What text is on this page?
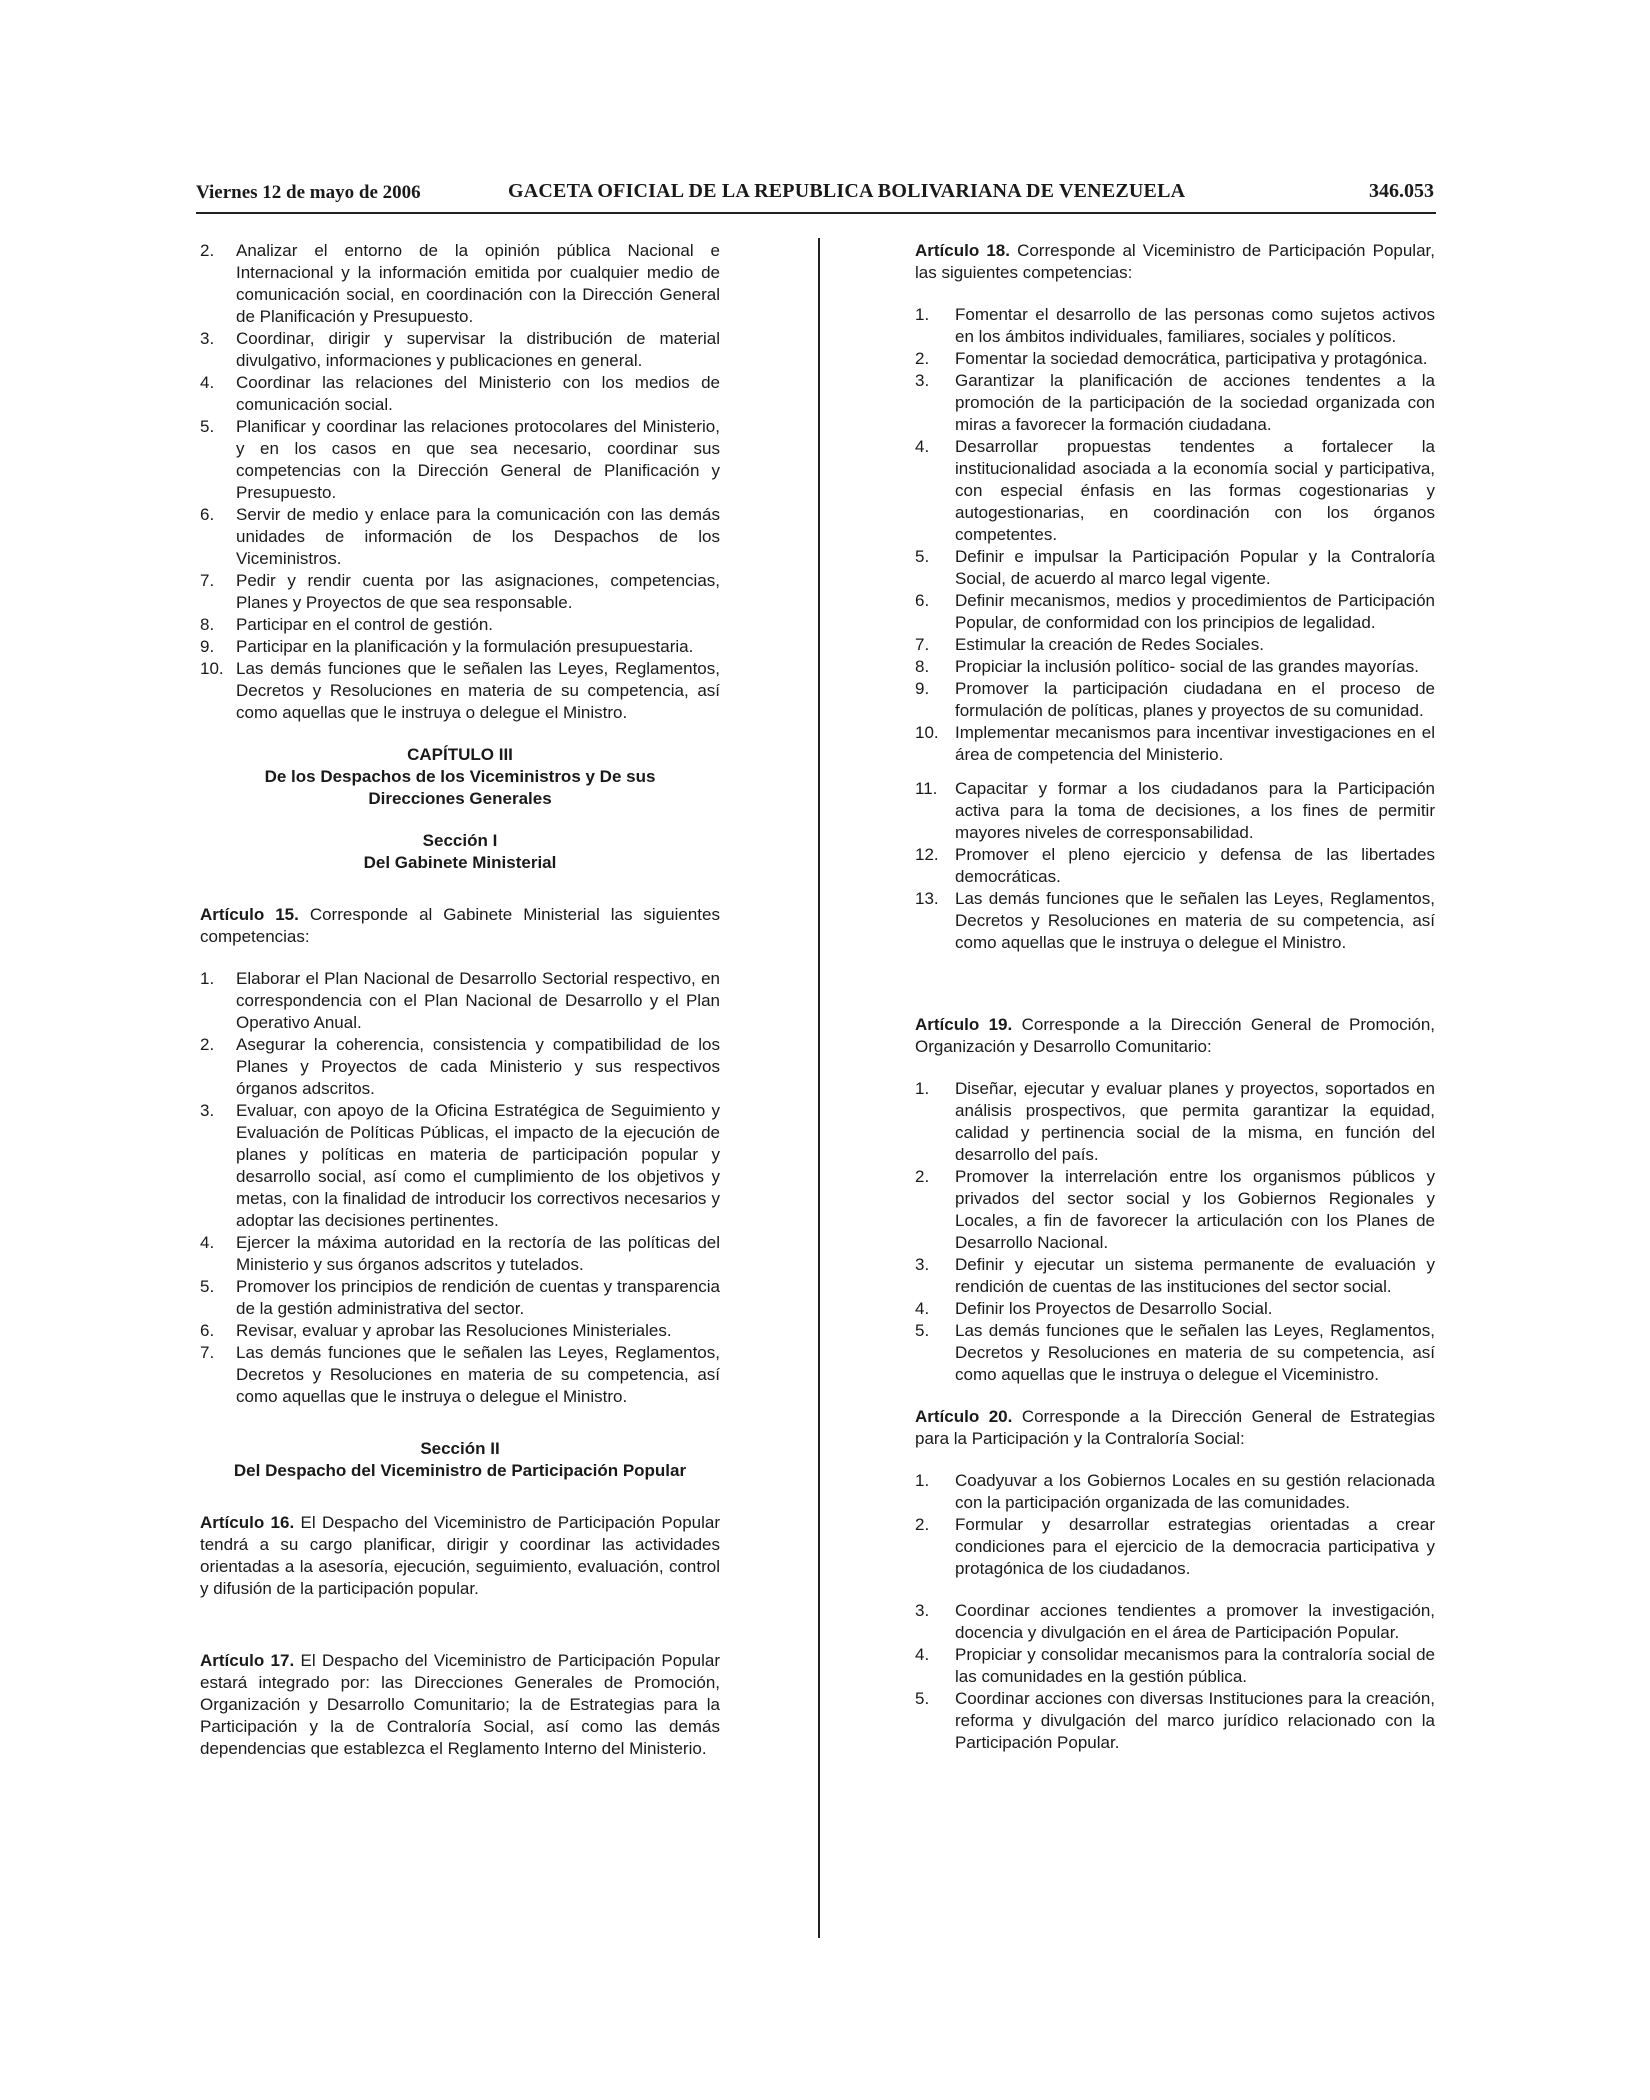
Viernes 12 de mayo de 2006	GACETA OFICIAL DE LA REPUBLICA BOLIVARIANA DE VENEZUELA	346.053
2. Analizar el entorno de la opinión pública Nacional e Internacional y la información emitida por cualquier medio de comunicación social, en coordinación con la Dirección General de Planificación y Presupuesto.
3. Coordinar, dirigir y supervisar la distribución de material divulgativo, informaciones y publicaciones en general.
4. Coordinar las relaciones del Ministerio con los medios de comunicación social.
5. Planificar y coordinar las relaciones protocolares del Ministerio, y en los casos en que sea necesario, coordinar sus competencias con la Dirección General de Planificación y Presupuesto.
6. Servir de medio y enlace para la comunicación con las demás unidades de información de los Despachos de los Viceministros.
7. Pedir y rendir cuenta por las asignaciones, competencias, Planes y Proyectos de que sea responsable.
8. Participar en el control de gestión.
9. Participar en la planificación y la formulación presupuestaria.
10. Las demás funciones que le señalen las Leyes, Reglamentos, Decretos y Resoluciones en materia de su competencia, así como aquellas que le instruya o delegue el Ministro.
CAPÍTULO III
De los Despachos de los Viceministros y De sus
Direcciones Generales
Sección I
Del Gabinete Ministerial
Artículo 15. Corresponde al Gabinete Ministerial las siguientes competencias:
1. Elaborar el Plan Nacional de Desarrollo Sectorial respectivo, en correspondencia con el Plan Nacional de Desarrollo y el Plan Operativo Anual.
2. Asegurar la coherencia, consistencia y compatibilidad de los Planes y Proyectos de cada Ministerio y sus respectivos órganos adscritos.
3. Evaluar, con apoyo de la Oficina Estratégica de Seguimiento y Evaluación de Políticas Públicas, el impacto de la ejecución de planes y políticas en materia de participación popular y desarrollo social, así como el cumplimiento de los objetivos y metas, con la finalidad de introducir los correctivos necesarios y adoptar las decisiones pertinentes.
4. Ejercer la máxima autoridad en la rectoría de las políticas del Ministerio y sus órganos adscritos y tutelados.
5. Promover los principios de rendición de cuentas y transparencia de la gestión administrativa del sector.
6. Revisar, evaluar y aprobar las Resoluciones Ministeriales.
7. Las demás funciones que le señalen las Leyes, Reglamentos, Decretos y Resoluciones en materia de su competencia, así como aquellas que le instruya o delegue el Ministro.
Sección II
Del Despacho del Viceministro de Participación Popular
Artículo 16. El Despacho del Viceministro de Participación Popular tendrá a su cargo planificar, dirigir y coordinar las actividades orientadas a la asesoría, ejecución, seguimiento, evaluación, control y difusión de la participación popular.
Artículo 17. El Despacho del Viceministro de Participación Popular estará integrado por: las Direcciones Generales de Promoción, Organización y Desarrollo Comunitario; la de Estrategias para la Participación y la de Contraloría Social, así como las demás dependencias que establezca el Reglamento Interno del Ministerio.
Artículo 18. Corresponde al Viceministro de Participación Popular, las siguientes competencias:
1. Fomentar el desarrollo de las personas como sujetos activos en los ámbitos individuales, familiares, sociales y políticos.
2. Fomentar la sociedad democrática, participativa y protagónica.
3. Garantizar la planificación de acciones tendentes a la promoción de la participación de la sociedad organizada con miras a favorecer la formación ciudadana.
4. Desarrollar propuestas tendentes a fortalecer la institucionalidad asociada a la economía social y participativa, con especial énfasis en las formas cogestionarias y autogestionarias, en coordinación con los órganos competentes.
5. Definir e impulsar la Participación Popular y la Contraloría Social, de acuerdo al marco legal vigente.
6. Definir mecanismos, medios y procedimientos de Participación Popular, de conformidad con los principios de legalidad.
7. Estimular la creación de Redes Sociales.
8. Propiciar la inclusión político- social de las grandes mayorías.
9. Promover la participación ciudadana en el proceso de formulación de políticas, planes y proyectos de su comunidad.
10. Implementar mecanismos para incentivar investigaciones en el área de competencia del Ministerio.
11. Capacitar y formar a los ciudadanos para la Participación activa para la toma de decisiones, a los fines de permitir mayores niveles de corresponsabilidad.
12. Promover el pleno ejercicio y defensa de las libertades democráticas.
13. Las demás funciones que le señalen las Leyes, Reglamentos, Decretos y Resoluciones en materia de su competencia, así como aquellas que le instruya o delegue el Ministro.
Artículo 19. Corresponde a la Dirección General de Promoción, Organización y Desarrollo Comunitario:
1. Diseñar, ejecutar y evaluar planes y proyectos, soportados en análisis prospectivos, que permita garantizar la equidad, calidad y pertinencia social de la misma, en función del desarrollo del país.
2. Promover la interrelación entre los organismos públicos y privados del sector social y los Gobiernos Regionales y Locales, a fin de favorecer la articulación con los Planes de Desarrollo Nacional.
3. Definir y ejecutar un sistema permanente de evaluación y rendición de cuentas de las instituciones del sector social.
4. Definir los Proyectos de Desarrollo Social.
5. Las demás funciones que le señalen las Leyes, Reglamentos, Decretos y Resoluciones en materia de su competencia, así como aquellas que le instruya o delegue el Viceministro.
Artículo 20. Corresponde a la Dirección General de Estrategias para la Participación y la Contraloría Social:
1. Coadyuvar a los Gobiernos Locales en su gestión relacionada con la participación organizada de las comunidades.
2. Formular y desarrollar estrategias orientadas a crear condiciones para el ejercicio de la democracia participativa y protagónica de los ciudadanos.
3. Coordinar acciones tendientes a promover la investigación, docencia y divulgación en el área de Participación Popular.
4. Propiciar y consolidar mecanismos para la contraloría social de las comunidades en la gestión pública.
5. Coordinar acciones con diversas Instituciones para la creación, reforma y divulgación del marco jurídico relacionado con la Participación Popular.
